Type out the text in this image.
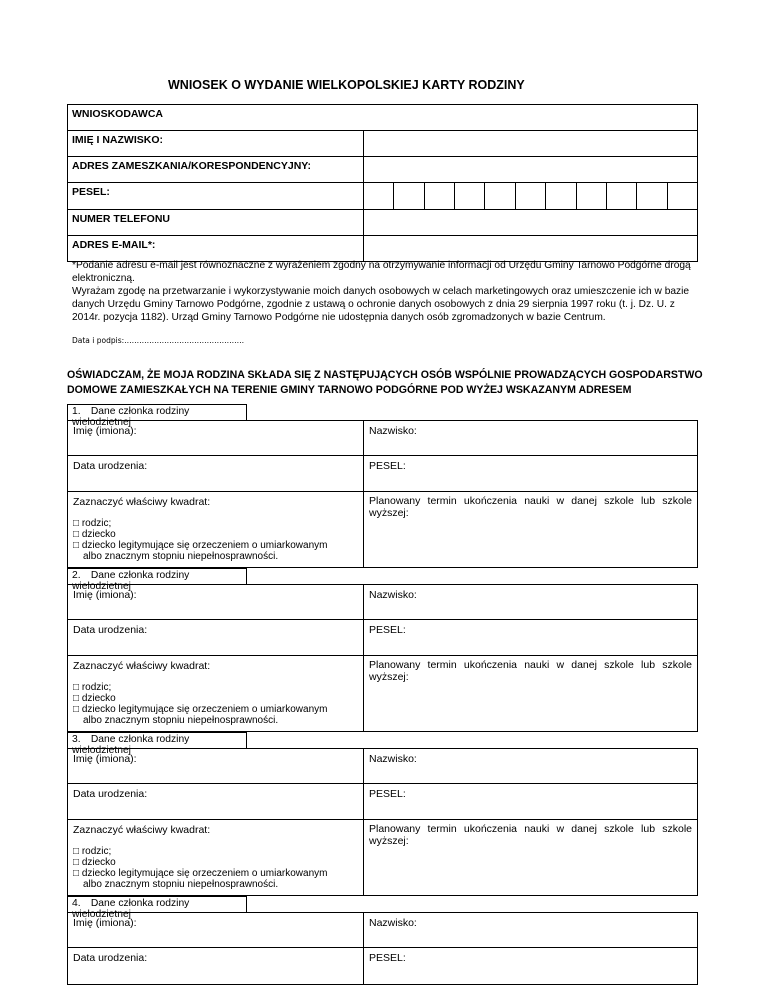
WNIOSEK O WYDANIE WIELKOPOLSKIEJ KARTY RODZINY
WNIOSKODAWCA	
IMIĘ I NAZWISKO:	
ADRES ZAMESZKANIA/KORESPONDENCYJNY:	
PESEL:	

NUMER TELEFONU	
ADRES E-MAIL*:	
*Podanie adresu e-mail jest równoznaczne z wyrażeniem zgodny na otrzymywanie informacji od Urzędu Gminy Tarnowo Podgórne drogą elektroniczną.
Wyrażam zgodę na przetwarzanie i wykorzystywanie moich danych osobowych w celach marketingowych oraz umieszczenie ich w bazie danych Urzędu Gminy Tarnowo Podgórne, zgodnie z ustawą o ochronie danych osobowych z dnia 29 sierpnia 1997 roku (t. j. Dz. U. z 2014r. pozycja 1182). Urząd Gminy Tarnowo Podgórne nie udostępnia danych osób zgromadzonych w bazie Centrum.
Data i podpis:…………………………………………
OŚWIADCZAM, ŻE MOJA RODZINA SKŁADA SIĘ Z NASTĘPUJĄCYCH OSÓB WSPÓLNIE PROWADZĄCYCH GOSPODARSTWO DOMOWE ZAMIESZKAŁYCH NA TERENIE GMINY TARNOWO PODGÓRNE POD WYŻEJ WSKAZANYM ADRESEM
1. Dane członka rodziny wielodzietnej
Imię (imiona):	Nazwisko:
Data urodzenia:	PESEL:
Zaznaczyć właściwy kwadrat:
□ rodzic;
□ dziecko
□ dziecko legitymujące się orzeczeniem o umiarkowanym
albo znacznym stopniu niepełnosprawności.
Planowany termin ukończenia nauki w danej szkole lub szkole wyższej:
2. Dane członka rodziny wielodzietnej
Imię (imiona):	Nazwisko:
Data urodzenia:	PESEL:
Zaznaczyć właściwy kwadrat:
□ rodzic;
□ dziecko
□ dziecko legitymujące się orzeczeniem o umiarkowanym
albo znacznym stopniu niepełnosprawności.
Planowany termin ukończenia nauki w danej szkole lub szkole wyższej:
3. Dane członka rodziny wielodzietnej
Imię (imiona):	Nazwisko:
Data urodzenia:	PESEL:
Zaznaczyć właściwy kwadrat:
□ rodzic;
□ dziecko
□ dziecko legitymujące się orzeczeniem o umiarkowanym
albo znacznym stopniu niepełnosprawności.
Planowany termin ukończenia nauki w danej szkole lub szkole wyższej:
4. Dane członka rodziny wielodzietnej
Imię (imiona):	Nazwisko:
Data urodzenia:	PESEL:
